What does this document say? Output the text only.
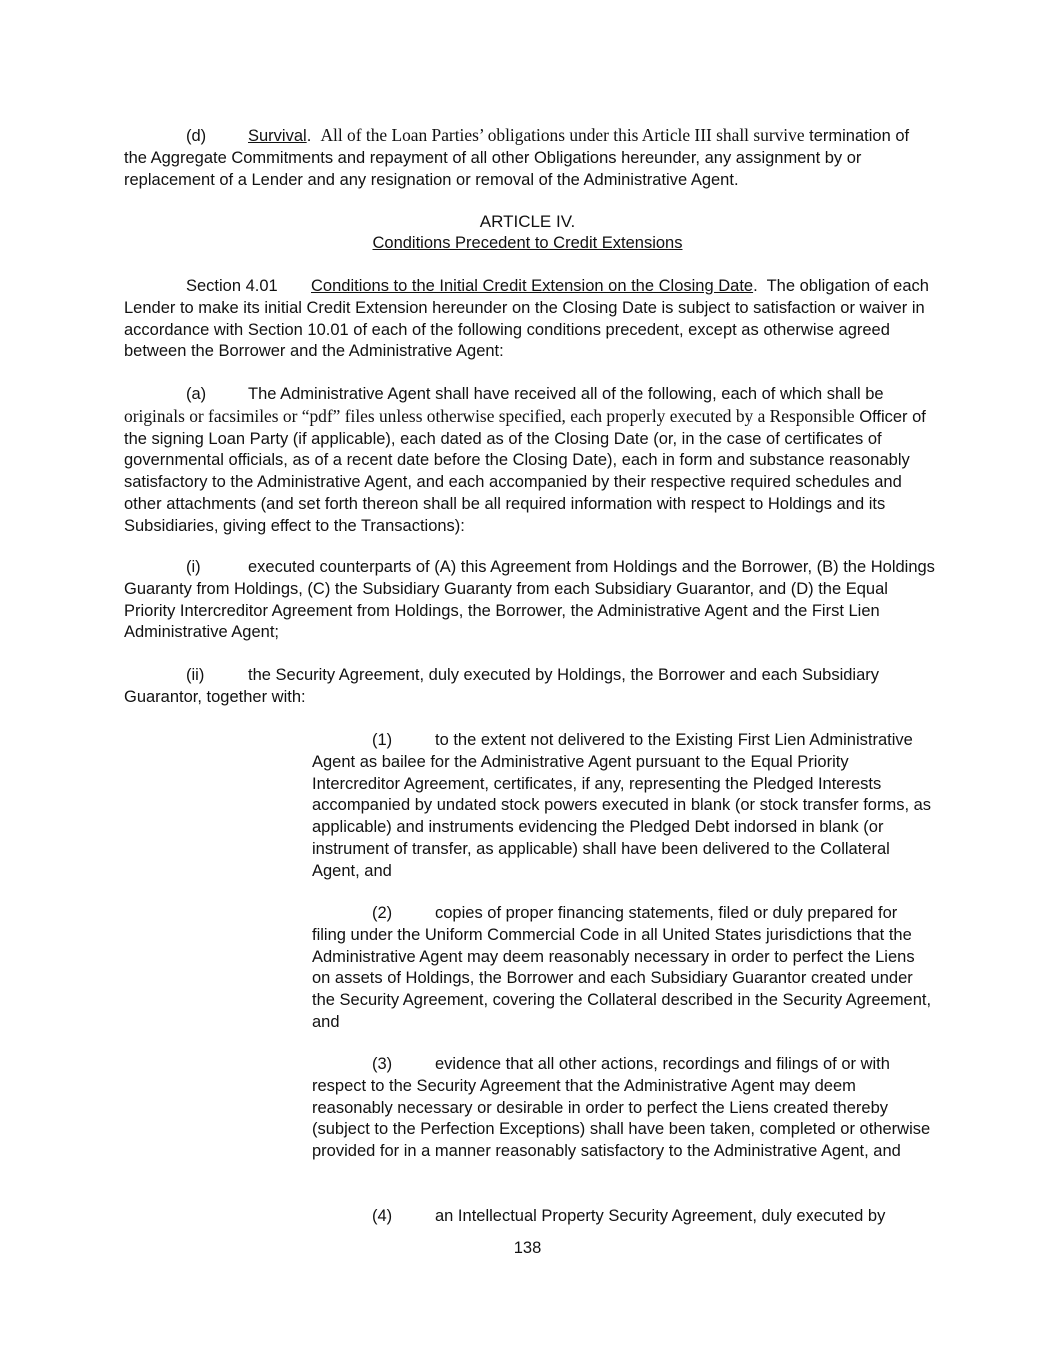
(d)	Survival.  All of the Loan Parties’ obligations under this Article III shall survive termination of the Aggregate Commitments and repayment of all other Obligations hereunder, any assignment by or replacement of a Lender and any resignation or removal of the Administrative Agent.

ARTICLE IV.

Conditions Precedent to Credit Extensions

Section 4.01 Conditions to the Initial Credit Extension on the Closing Date.  The obligation of each Lender to make its initial Credit Extension hereunder on the Closing Date is subject to satisfaction or waiver in accordance with Section 10.01 of each of the following conditions precedent, except as otherwise agreed between the Borrower and the Administrative Agent:

(a)	The Administrative Agent shall have received all of the following, each of which shall be originals or facsimiles or “pdf” files unless otherwise specified, each properly executed by a Responsible Officer of the signing Loan Party (if applicable), each dated as of the Closing Date (or, in the case of certificates of governmental officials, as of a recent date before the Closing Date), each in form and substance reasonably satisfactory to the Administrative Agent, and each accompanied by their respective required schedules and other attachments (and set forth thereon shall be all required information with respect to Holdings and its Subsidiaries, giving effect to the Transactions):

(i)	executed counterparts of (A) this Agreement from Holdings and the Borrower, (B) the Holdings Guaranty from Holdings, (C) the Subsidiary Guaranty from each Subsidiary Guarantor, and (D) the Equal Priority Intercreditor Agreement from Holdings, the Borrower, the Administrative Agent and the First Lien Administrative Agent;

(ii)	the Security Agreement, duly executed by Holdings, the Borrower and each Subsidiary Guarantor, together with:

(1)	to the extent not delivered to the Existing First Lien Administrative Agent as bailee for the Administrative Agent pursuant to the Equal Priority Intercreditor Agreement, certificates, if any, representing the Pledged Interests accompanied by undated stock powers executed in blank (or stock transfer forms, as applicable) and instruments evidencing the Pledged Debt indorsed in blank (or instrument of transfer, as applicable) shall have been delivered to the Collateral Agent, and

(2)	copies of proper financing statements, filed or duly prepared for filing under the Uniform Commercial Code in all United States jurisdictions that the Administrative Agent may deem reasonably necessary in order to perfect the Liens on assets of Holdings, the Borrower and each Subsidiary Guarantor created under the Security Agreement, covering the Collateral described in the Security Agreement, and

(3)	evidence that all other actions, recordings and filings of or with respect to the Security Agreement that the Administrative Agent may deem reasonably necessary or desirable in order to perfect the Liens created thereby (subject to the Perfection Exceptions) shall have been taken, completed or otherwise provided for in a manner reasonably satisfactory to the Administrative Agent, and

(4)	an Intellectual Property Security Agreement, duly executed by

138
